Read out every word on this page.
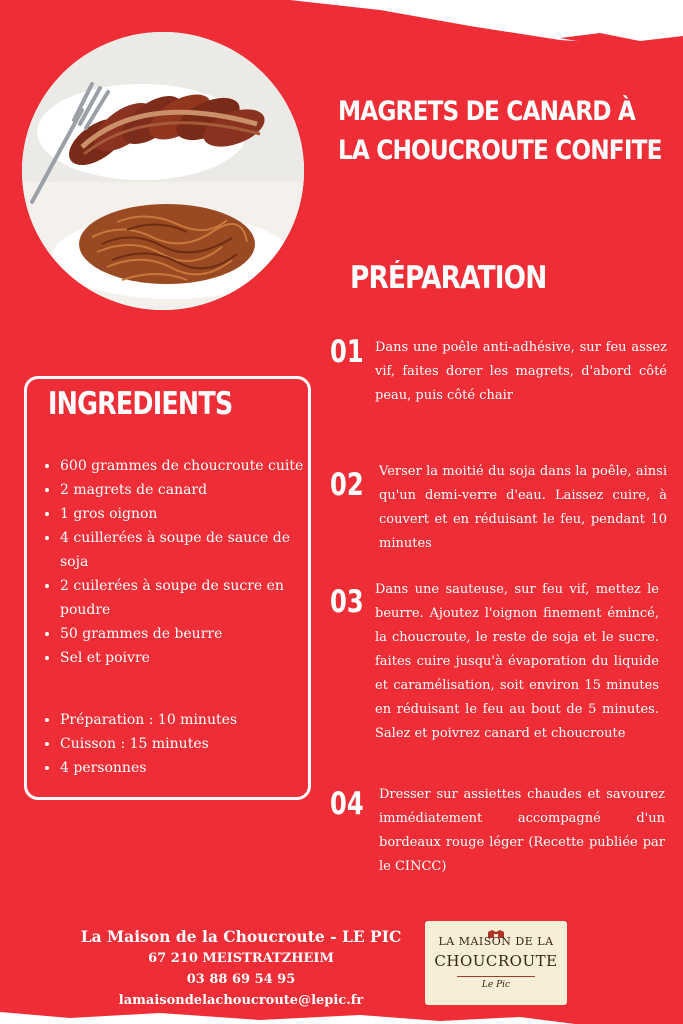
MAGRETS DE CANARD À
LA CHOUCROUTE CONFITE
PRÉPARATION
INGREDIENTS
• 600 grammes de choucroute cuite
• 2 magrets de canard
• 1 gros oignon
• 4 cuillerées à soupe de sauce de soja
• 2 cuilerées à soupe de sucre en poudre
• 50 grammes de beurre
• Sel et poivre
• Préparation : 10 minutes
• Cuisson : 15 minutes
• 4 personnes
01 Dans une poêle anti-adhésive, sur feu assez vif, faites dorer les magrets, d'abord côté peau, puis côté chair
02 Verser la moitié du soja dans la poêle, ainsi qu'un demi-verre d'eau. Laissez cuire, à couvert et en réduisant le feu, pendant 10 minutes
03 Dans une sauteuse, sur feu vif, mettez le beurre. Ajoutez l'oignon finement émincé, la choucroute, le reste de soja et le sucre. faites cuire jusqu'à évaporation du liquide et caramélisation, soit environ 15 minutes en réduisant le feu au bout de 5 minutes. Salez et poivrez canard et choucroute
04 Dresser sur assiettes chaudes et savourez immédiatement accompagné d'un bordeaux rouge léger (Recette publiée par le CINCC)
La Maison de la Choucroute - LE PIC
67 210 MEISTRATZHEIM
03 88 69 54 95
lamaisondelachoucroute@lepic.fr
LA MAISON DE LA
CHOUCROUTE
Le Pic
